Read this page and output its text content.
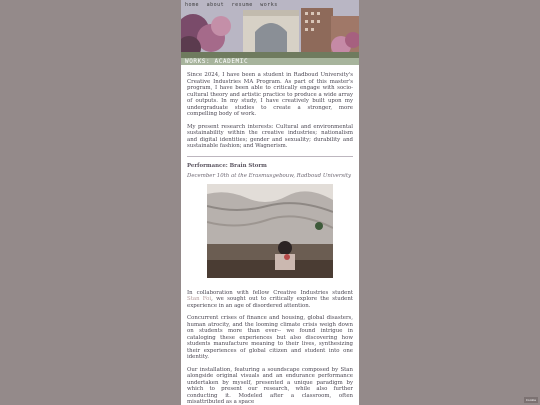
home about resume works
WORKS: ACADEMIC

Since 2024, I have been a student in Radboud University's Creative Industries MA Program. As part of this master's program, I have been able to critically engage with socio-cultural theory and artistic practice to produce a wide array of outputs. In my study, I have creatively built upon my undergraduate studies to create a stronger, more compelling body of work.

My present research interests: Cultural and environmental sustainability within the creative industries; nationalism and digital identities; gender and sexuality; durability and sustainable fashion; and Wagnerism.

Performance: Brain Storm
December 10th at the Erasmusgebouw, Radboud University

In collaboration with fellow Creative Industries student Stan Foi, we sought out to critically explore the student experience in an age of disordered attention.

Concurrent crises of finance and housing, global disasters, human atrocity, and the looming climate crisis weigh down on students more than ever-- we found intrigue in cataloging these experiences but also discovering how students manufacture meaning to their lives, synthesizing their experiences of global citizen and student into one identity.

Our installation, featuring a soundscape composed by Stan alongside original visuals and an endurance performance undertaken by myself, presented a unique paradigm by which to present our research, while also further conducting it. Modeled after a classroom, often misattributed as a space	Cookie
